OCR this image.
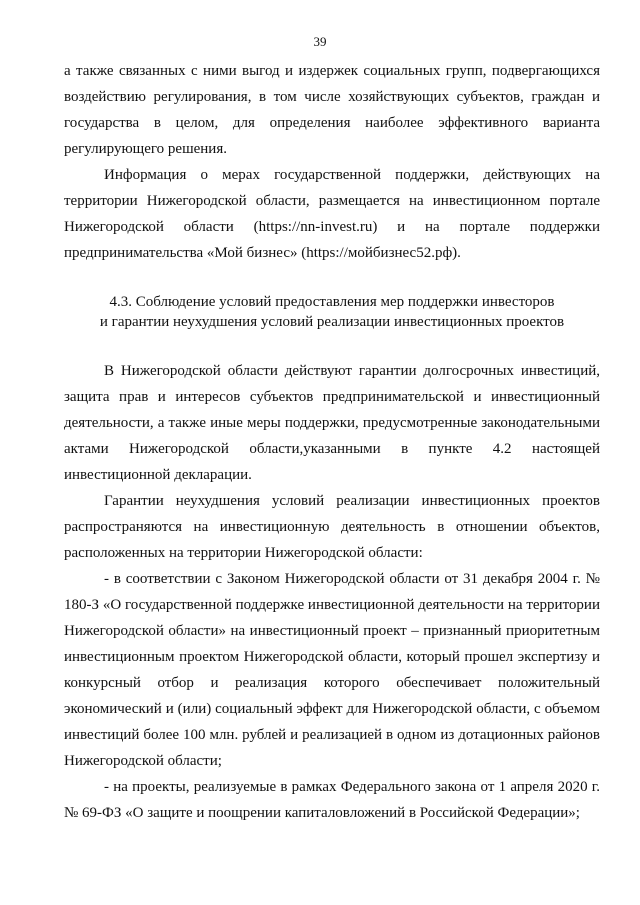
39

а также связанных с ними выгод и издержек социальных групп, подвергающихся воздействию регулирования, в том числе хозяйствующих субъектов, граждан и государства в целом, для определения наиболее эффективного варианта регулирующего решения.

Информация о мерах государственной поддержки, действующих на территории Нижегородской области, размещается на инвестиционном портале Нижегородской области (https://nn-invest.ru) и на портале поддержки предпринимательства «Мой бизнес» (https://мойбизнес52.рф).

4.3. Соблюдение условий предоставления мер поддержки инвесторов
и гарантии неухудшения условий реализации инвестиционных проектов

В Нижегородской области действуют гарантии долгосрочных инвестиций, защита прав и интересов субъектов предпринимательской и инвестиционный деятельности, а также иные меры поддержки, предусмотренные законодательными актами Нижегородской области,указанными в пункте 4.2 настоящей инвестиционной декларации.

Гарантии неухудшения условий реализации инвестиционных проектов распространяются на инвестиционную деятельность в отношении объектов, расположенных на территории Нижегородской области:

- в соответствии с Законом Нижегородской области от 31 декабря 2004 г. № 180-З «О государственной поддержке инвестиционной деятельности на территории Нижегородской области» на инвестиционный проект – признанный приоритетным инвестиционным проектом Нижегородской области, который прошел экспертизу и конкурсный отбор и реализация которого обеспечивает положительный экономический и (или) социальный эффект для Нижегородской области, с объемом инвестиций более 100 млн. рублей и реализацией в одном из дотационных районов Нижегородской области;

- на проекты, реализуемые в рамках Федерального закона от 1 апреля 2020 г. № 69-ФЗ «О защите и поощрении капиталовложений в Российской Федерации»;
